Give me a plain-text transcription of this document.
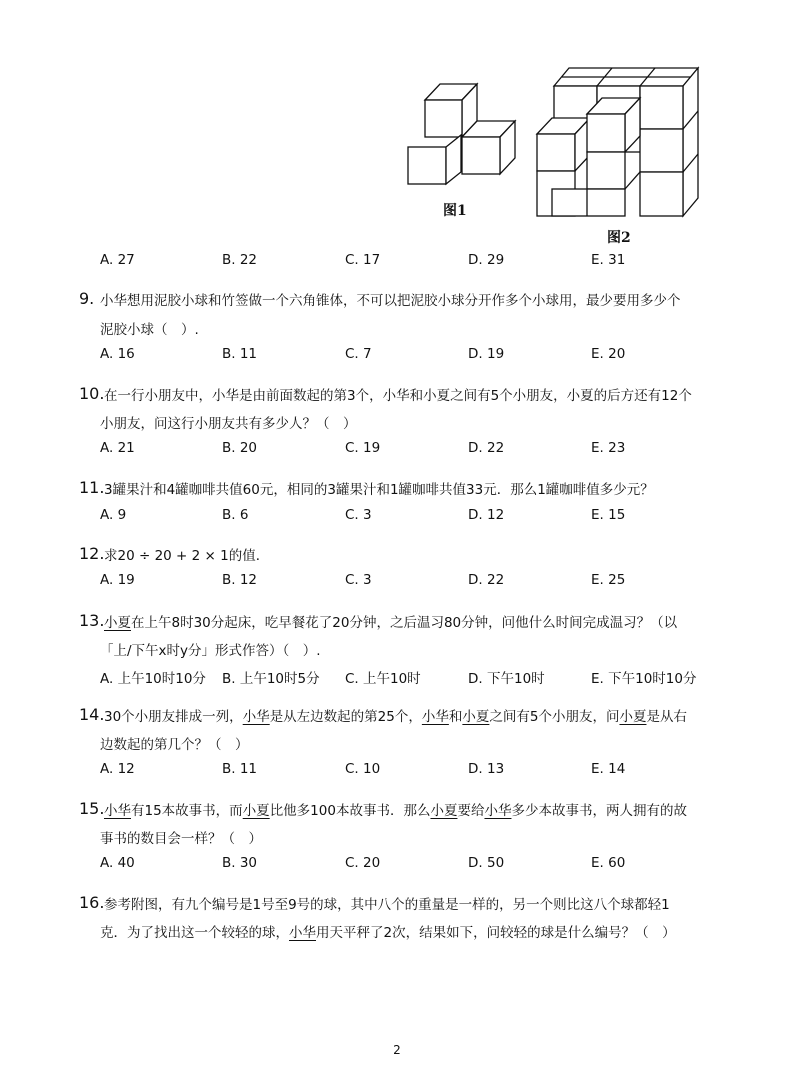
图1
图2
A. 27	B. 22	C. 17	D. 29	E. 31
9. 小华想用泥胶小球和竹签做一个六角锥体，不可以把泥胶小球分开作多个小球用，最少要用多少个
泥胶小球（　）.
A. 16	B. 11	C. 7	D. 19	E. 20
10. 在一行小朋友中，小华是由前面数起的第3个，小华和小夏之间有5个小朋友，小夏的后方还有12个
小朋友，问这行小朋友共有多少人？（　）
A. 21	B. 20	C. 19	D. 22	E. 23
11. 3罐果汁和4罐咖啡共值60元，相同的3罐果汁和1罐咖啡共值33元．那么1罐咖啡值多少元？
A. 9	B. 6	C. 3	D. 12	E. 15
12. 求20 ÷ 20 + 2 × 1的值．
A. 19	B. 12	C. 3	D. 22	E. 25
13. 小夏在上午8时30分起床，吃早餐花了20分钟，之后温习80分钟，问他什么时间完成温习？（以
「上/下午x时y分」形式作答）（　）.
A. 上午10时10分 B. 上午10时5分 C. 上午10时	D. 下午10时	E. 下午10时10分
14. 30个小朋友排成一列，小华是从左边数起的第25个，小华和小夏之间有5个小朋友，问小夏是从右
边数起的第几个？（　）
A. 12	B. 11	C. 10	D. 13	E. 14
15. 小华有15本故事书，而小夏比他多100本故事书．那么小夏要给小华多少本故事书，两人拥有的故
事书的数目会一样？（　）
A. 40	B. 30	C. 20	D. 50	E. 60
16. 参考附图，有九个编号是1号至9号的球，其中八个的重量是一样的，另一个则比这八个球都轻1
克．为了找出这一个较轻的球，小华用天平秤了2次，结果如下，问较轻的球是什么编号？（　）
2
